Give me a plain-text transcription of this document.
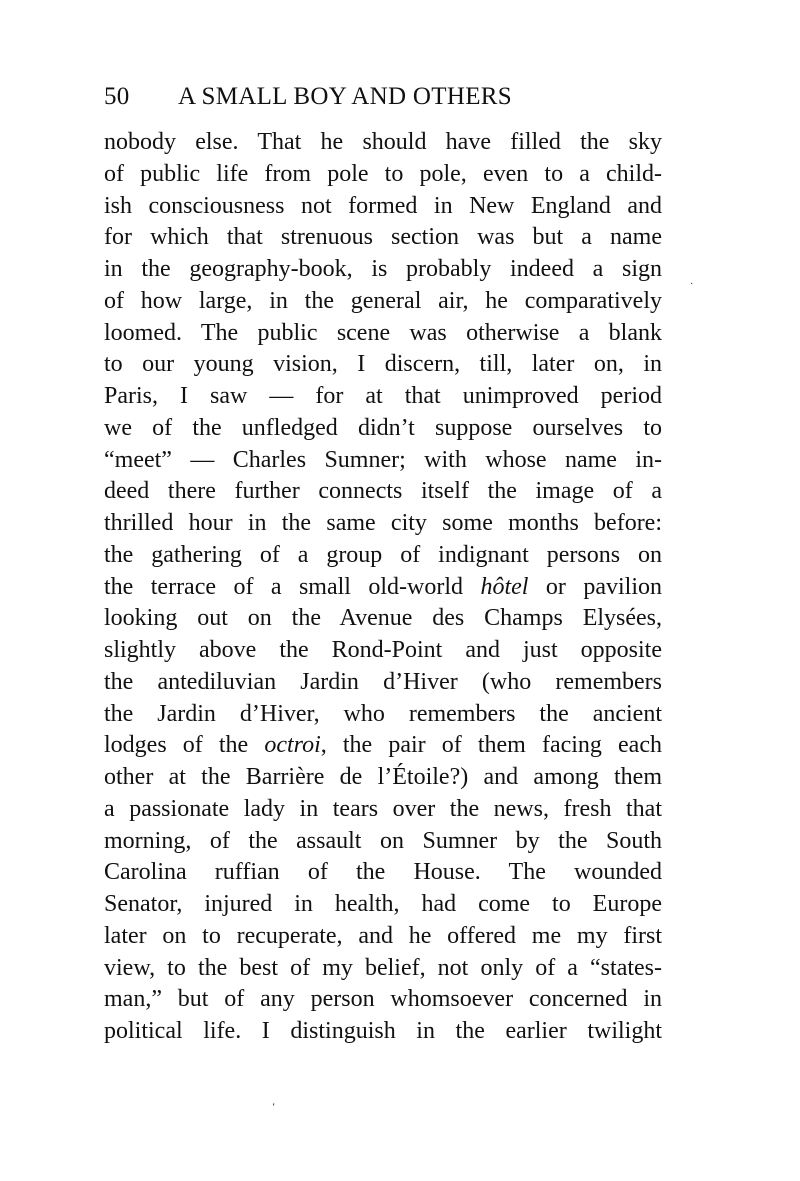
50 A SMALL BOY AND OTHERS
nobody else. That he should have filled the sky
of public life from pole to pole, even to a child-
ish consciousness not formed in New England and
for which that strenuous section was but a name
in the geography-book, is probably indeed a sign
of how large, in the general air, he comparatively
loomed. The public scene was otherwise a blank
to our young vision, I discern, till, later on, in
Paris, I saw — for at that unimproved period
we of the unfledged didn’t suppose ourselves to
“meet” — Charles Sumner; with whose name in-
deed there further connects itself the image of a
thrilled hour in the same city some months before:
the gathering of a group of indignant persons on
the terrace of a small old-world hôtel or pavilion
looking out on the Avenue des Champs Elysées,
slightly above the Rond-Point and just opposite
the antediluvian Jardin d’Hiver (who remembers
the Jardin d’Hiver, who remembers the ancient
lodges of the octroi, the pair of them facing each
other at the Barrière de l’Étoile?) and among them
a passionate lady in tears over the news, fresh that
morning, of the assault on Sumner by the South
Carolina ruffian of the House. The wounded
Senator, injured in health, had come to Europe
later on to recuperate, and he offered me my first
view, to the best of my belief, not only of a “states-
man,” but of any person whomsoever concerned in
political life. I distinguish in the earlier twilight
·
‘
